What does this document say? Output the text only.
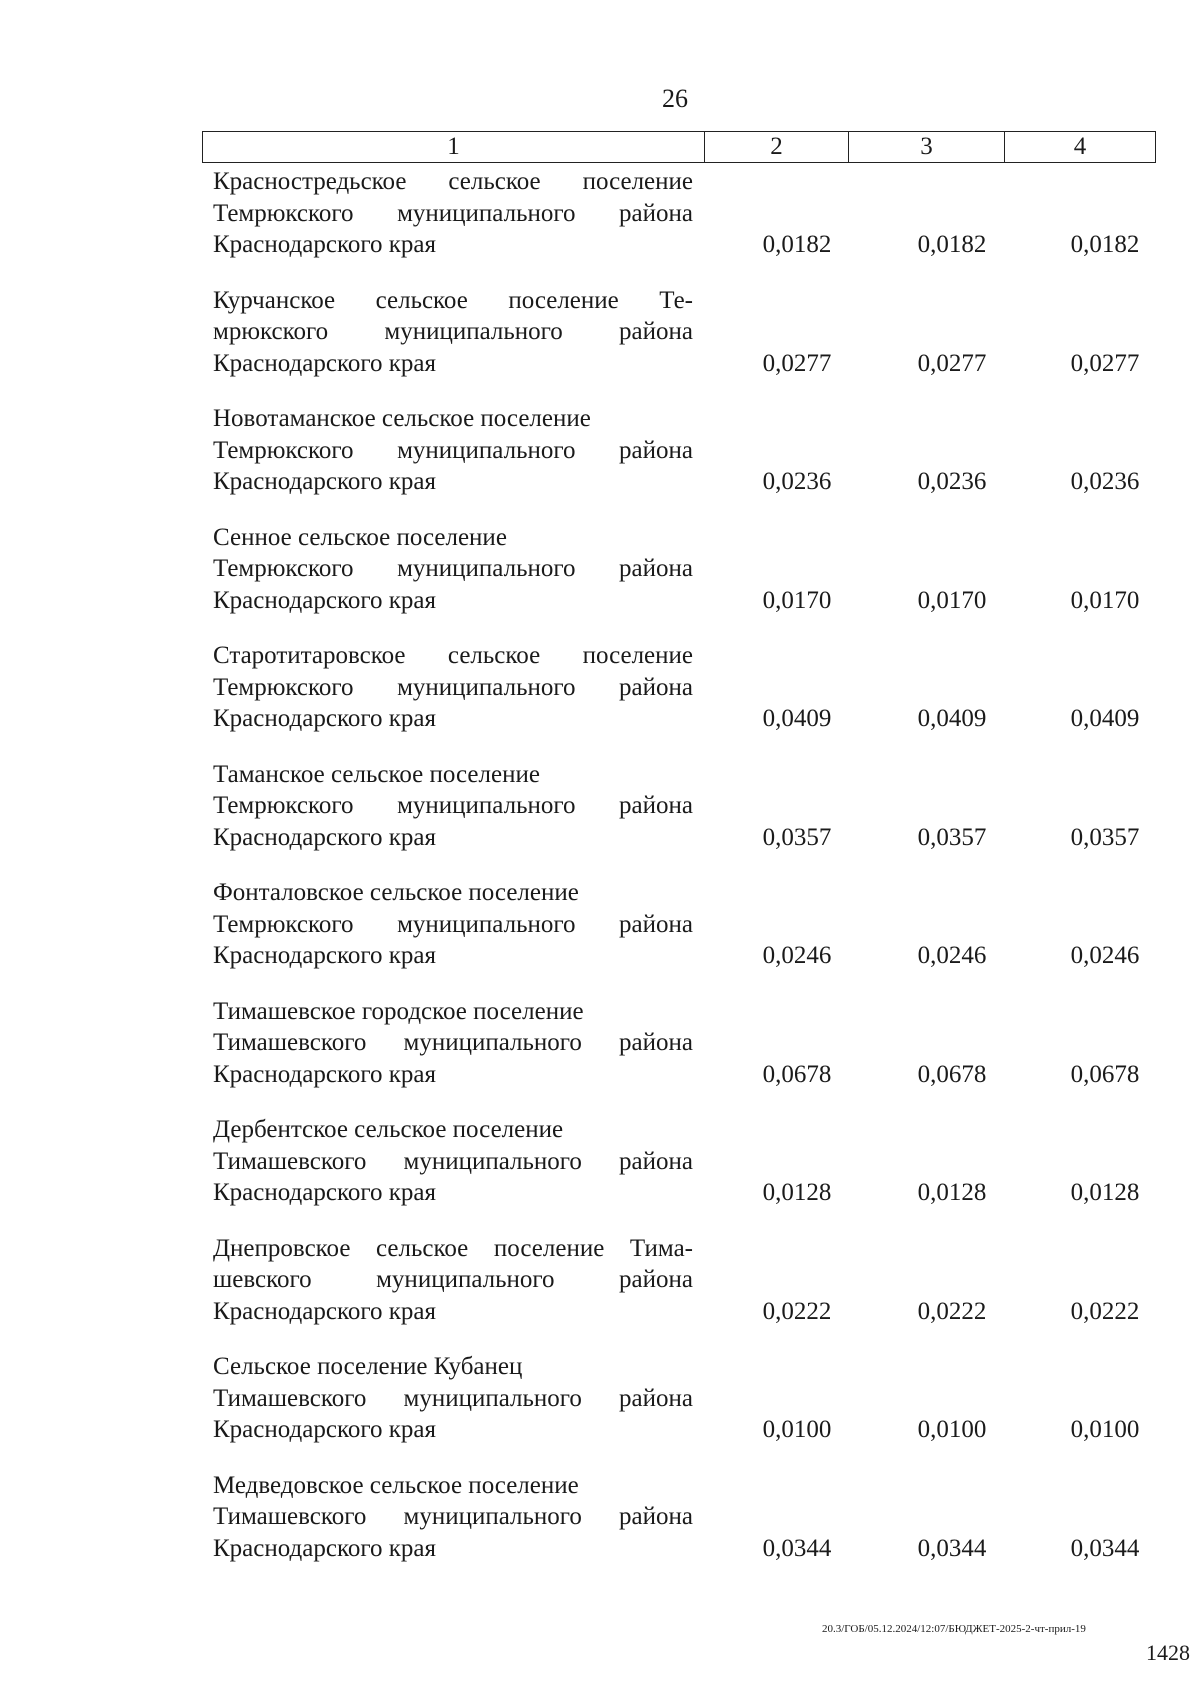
26
1	2	3	4
Красностредьское сельское поселение
Темрюкского муниципального района
Краснодарского края	0,0182	0,0182	0,0182
Курчанское сельское поселение Те-
мрюкского муниципального района
Краснодарского края	0,0277	0,0277	0,0277
Новотаманское сельское поселение
Темрюкского муниципального района
Краснодарского края	0,0236	0,0236	0,0236
Сенное сельское поселение
Темрюкского муниципального района
Краснодарского края	0,0170	0,0170	0,0170
Старотитаровское сельское поселение
Темрюкского муниципального района
Краснодарского края	0,0409	0,0409	0,0409
Таманское сельское поселение
Темрюкского муниципального района
Краснодарского края	0,0357	0,0357	0,0357
Фонталовское сельское поселение
Темрюкского муниципального района
Краснодарского края	0,0246	0,0246	0,0246
Тимашевское городское поселение
Тимашевского муниципального района
Краснодарского края	0,0678	0,0678	0,0678
Дербентское сельское поселение
Тимашевского муниципального района
Краснодарского края	0,0128	0,0128	0,0128
Днепровское сельское поселение Тима-
шевского муниципального района
Краснодарского края	0,0222	0,0222	0,0222
Сельское поселение Кубанец
Тимашевского муниципального района
Краснодарского края	0,0100	0,0100	0,0100
Медведовское сельское поселение
Тимашевского муниципального района
Краснодарского края	0,0344	0,0344	0,0344
20.3/ГОБ/05.12.2024/12:07/БЮДЖЕТ-2025-2-чт-прил-19
1428
